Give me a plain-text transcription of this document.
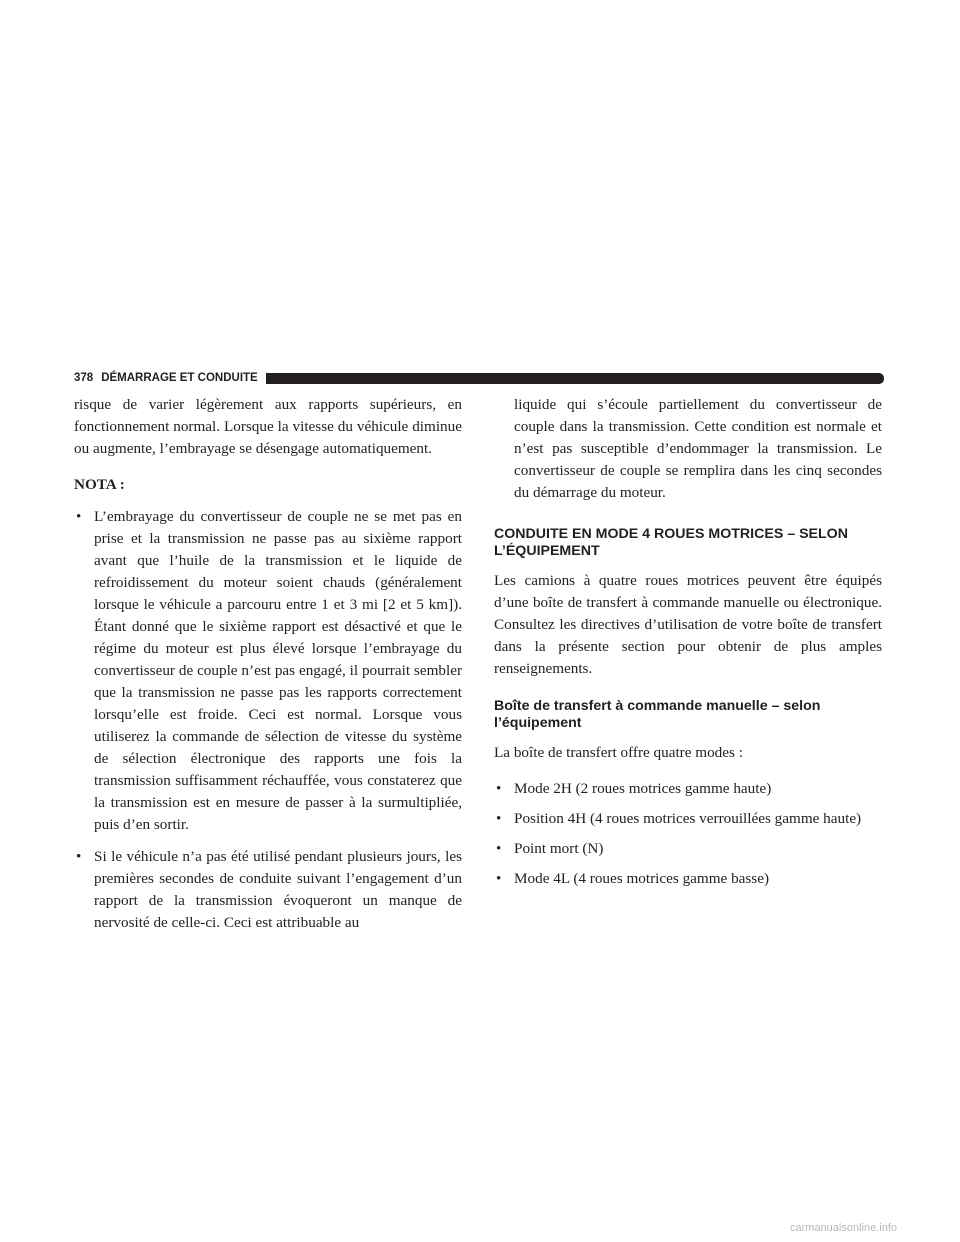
378 DÉMARRAGE ET CONDUITE

risque de varier légèrement aux rapports supérieurs, en fonctionnement normal. Lorsque la vitesse du véhicule diminue ou augmente, l’embrayage se désengage automatiquement.

NOTA :

• L’embrayage du convertisseur de couple ne se met pas en prise et la transmission ne passe pas au sixième rapport avant que l’huile de la transmission et le liquide de refroidissement du moteur soient chauds (généralement lorsque le véhicule a parcouru entre 1 et 3 mi [2 et 5 km]). Étant donné que le sixième rapport est désactivé et que le régime du moteur est plus élevé lorsque l’embrayage du convertisseur de couple n’est pas engagé, il pourrait sembler que la transmission ne passe pas les rapports correctement lorsqu’elle est froide. Ceci est normal. Lorsque vous utiliserez la commande de sélection de vitesse du système de sélection électronique des rapports une fois la transmission suffisamment réchauffée, vous constaterez que la transmission est en mesure de passer à la surmultipliée, puis d’en sortir.
• Si le véhicule n’a pas été utilisé pendant plusieurs jours, les premières secondes de conduite suivant l’engagement d’un rapport de la transmission évoqueront un manque de nervosité de celle-ci. Ceci est attribuable au

liquide qui s’écoule partiellement du convertisseur de couple dans la transmission. Cette condition est normale et n’est pas susceptible d’endommager la transmission. Le convertisseur de couple se remplira dans les cinq secondes du démarrage du moteur.

CONDUITE EN MODE 4 ROUES MOTRICES – SELON L’ÉQUIPEMENT

Les camions à quatre roues motrices peuvent être équipés d’une boîte de transfert à commande manuelle ou électronique. Consultez les directives d’utilisation de votre boîte de transfert dans la présente section pour obtenir de plus amples renseignements.

Boîte de transfert à commande manuelle – selon l’équipement

La boîte de transfert offre quatre modes :

• Mode 2H (2 roues motrices gamme haute)
• Position 4H (4 roues motrices verrouillées gamme haute)
• Point mort (N)
• Mode 4L (4 roues motrices gamme basse)
carmanualsonline.info
